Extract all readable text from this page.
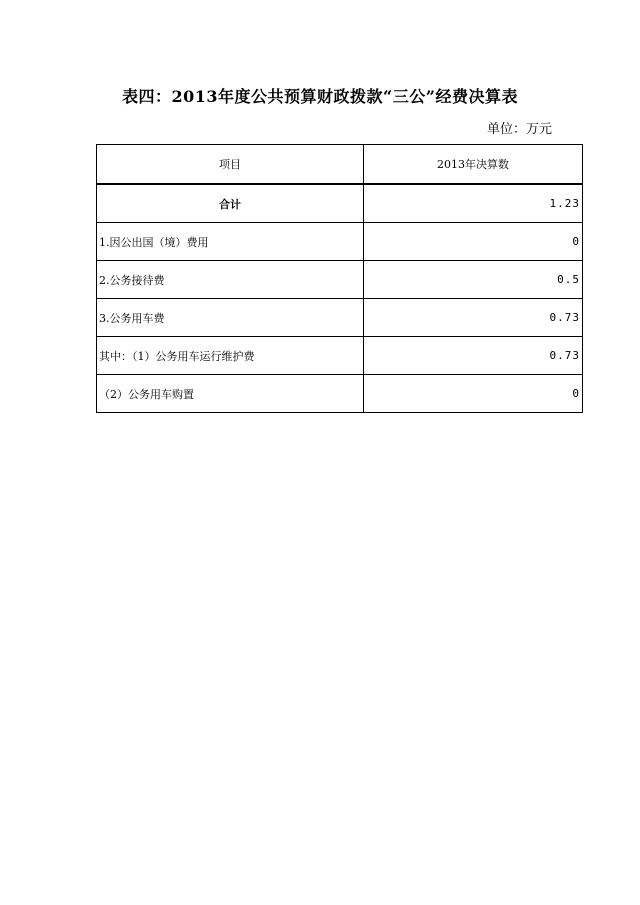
表四：2013年度公共预算财政拨款“三公”经费决算表
单位：万元
项目	2013年决算数
合计	1.23
1.因公出国（境）费用	0
2.公务接待费	0.5
3.公务用车费	0.73
其中：（1）公务用车运行维护费	0.73
（2）公务用车购置	0
